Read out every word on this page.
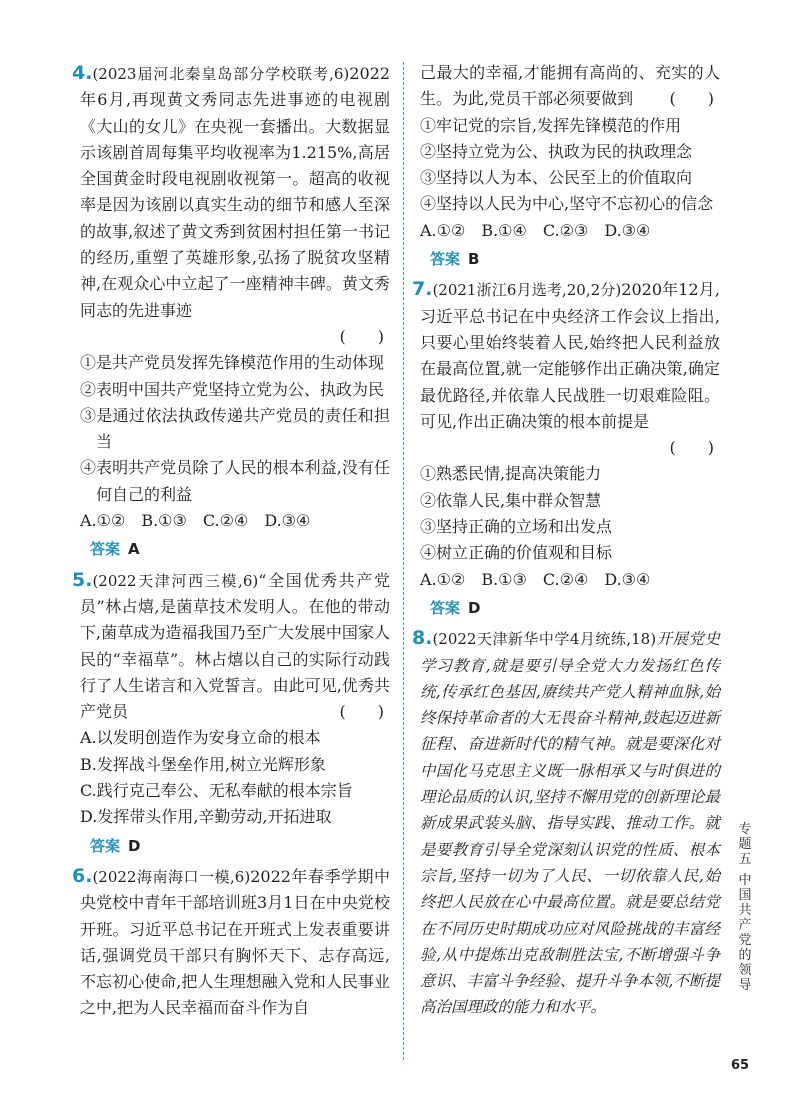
4.(2023届河北秦皇岛部分学校联考,6)2022年6月,再现黄文秀同志先进事迹的电视剧《大山的女儿》在央视一套播出。大数据显示该剧首周每集平均收视率为1.215%,高居全国黄金时段电视剧收视第一。超高的收视率是因为该剧以真实生动的细节和感人至深的故事,叙述了黄文秀到贫困村担任第一书记的经历,重塑了英雄形象,弘扬了脱贫攻坚精神,在观众心中立起了一座精神丰碑。黄文秀同志的先进事迹
(　　)
①是共产党员发挥先锋模范作用的生动体现
②表明中国共产党坚持立党为公、执政为民
③是通过依法执政传递共产党员的责任和担当
④表明共产党员除了人民的根本利益,没有任何自己的利益
A.①② B.①③ C.②④ D.③④
答案 A
5.(2022天津河西三模,6)“全国优秀共产党员”林占熺,是菌草技术发明人。在他的带动下,菌草成为造福我国乃至广大发展中国家人民的“幸福草”。林占熺以自己的实际行动践行了人生诺言和入党誓言。由此可见,优秀共产党员	(　　)
A.以发明创造作为安身立命的根本
B.发挥战斗堡垒作用,树立光辉形象
C.践行克己奉公、无私奉献的根本宗旨
D.发挥带头作用,辛勤劳动,开拓进取
答案 D
6.(2022海南海口一模,6)2022年春季学期中央党校中青年干部培训班3月1日在中央党校开班。习近平总书记在开班式上发表重要讲话,强调党员干部只有胸怀天下、志存高远,不忘初心使命,把人生理想融入党和人民事业之中,把为人民幸福而奋斗作为自
己最大的幸福,才能拥有高尚的、充实的人生。为此,党员干部必须要做到 (　　)
①牢记党的宗旨,发挥先锋模范的作用
②坚持立党为公、执政为民的执政理念
③坚持以人为本、公民至上的价值取向
④坚持以人民为中心,坚守不忘初心的信念
A.①② B.①④ C.②③ D.③④
答案 B
7.(2021浙江6月选考,20,2分)2020年12月,习近平总书记在中央经济工作会议上指出,只要心里始终装着人民,始终把人民利益放在最高位置,就一定能够作出正确决策,确定最优路径,并依靠人民战胜一切艰难险阻。可见,作出正确决策的根本前提是
(　　)
①熟悉民情,提高决策能力
②依靠人民,集中群众智慧
③坚持正确的立场和出发点
④树立正确的价值观和目标
A.①② B.①③ C.②④ D.③④
答案 D
8.(2022天津新华中学4月统练,18)开展党史学习教育,就是要引导全党大力发扬红色传统,传承红色基因,赓续共产党人精神血脉,始终保持革命者的大无畏奋斗精神,鼓起迈进新征程、奋进新时代的精气神。就是要深化对中国化马克思主义既一脉相承又与时俱进的理论品质的认识,坚持不懈用党的创新理论最新成果武装头脑、指导实践、推动工作。就是要教育引导全党深刻认识党的性质、根本宗旨,坚持一切为了人民、一切依靠人民,始终把人民放在心中最高位置。就是要总结党在不同历史时期成功应对风险挑战的丰富经验,从中提炼出克敌制胜法宝,不断增强斗争意识、丰富斗争经验、提升斗争本领,不断提高治国理政的能力和水平。
专题五
中国共产党的领导
65
